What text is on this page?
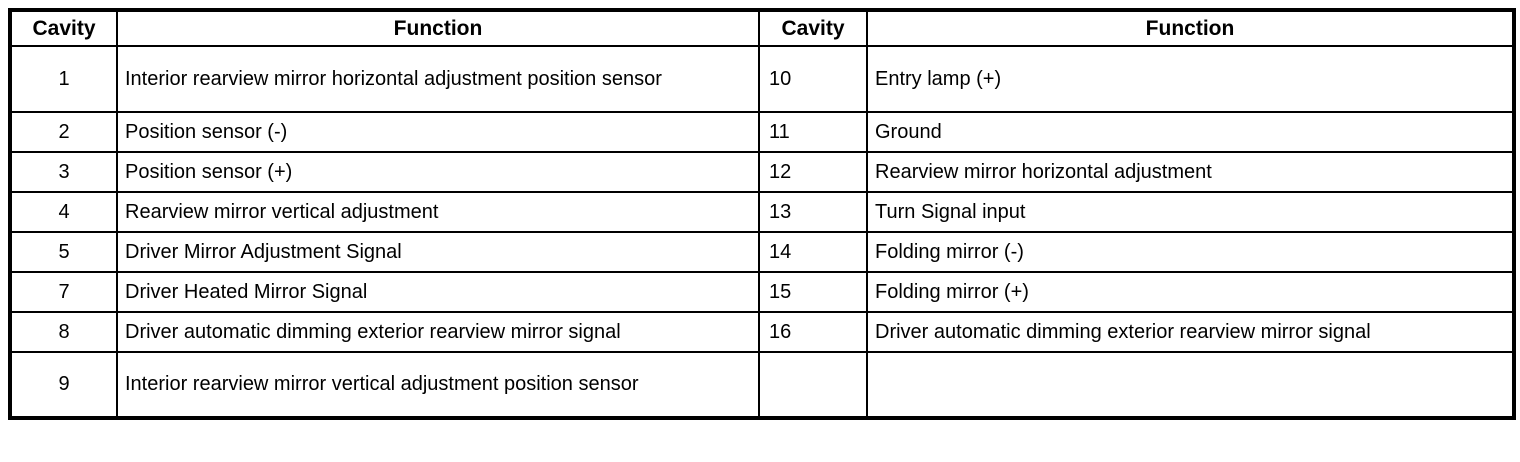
Cavity	Function	Cavity	Function
1	Interior rearview mirror horizontal adjustment position sensor	10	Entry lamp (+)
2	Position sensor (-)	11	Ground
3	Position sensor (+)	12	Rearview mirror horizontal adjustment
4	Rearview mirror vertical adjustment	13	Turn Signal input
5	Driver Mirror Adjustment Signal	14	Folding mirror (-)
7	Driver Heated Mirror Signal	15	Folding mirror (+)
8	Driver automatic dimming exterior rearview mirror signal	16	Driver automatic dimming exterior rearview mirror signal
9	Interior rearview mirror vertical adjustment position sensor		
